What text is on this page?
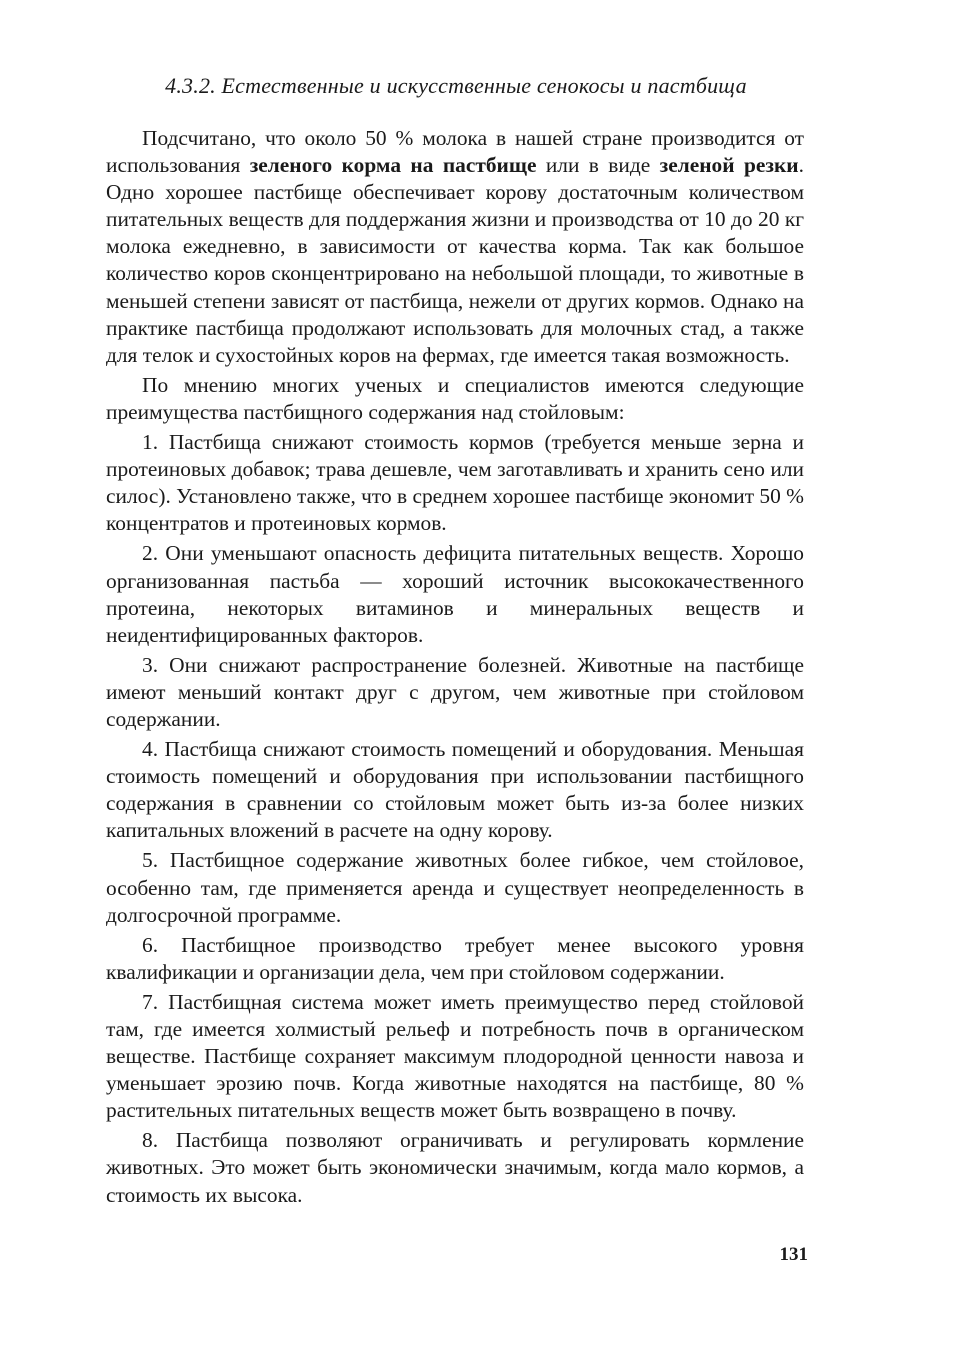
4.3.2. Естественные и искусственные сенокосы и пастбища

Подсчитано, что около 50 % молока в нашей стране производится от использования зеленого корма на пастбище или в виде зеленой резки. Одно хорошее пастбище обеспечивает корову достаточным количеством питательных веществ для поддержания жизни и производства от 10 до 20 кг молока ежедневно, в зависимости от качества корма. Так как большое количество коров сконцентрировано на небольшой площади, то животные в меньшей степени зависят от пастбища, нежели от других кормов. Однако на практике пастбища продолжают использовать для молочных стад, а также для телок и сухостойных коров на фермах, где имеется такая возможность.

По мнению многих ученых и специалистов имеются следующие преимущества пастбищного содержания над стойловым:

1. Пастбища снижают стоимость кормов (требуется меньше зерна и протеиновых добавок; трава дешевле, чем заготавливать и хранить сено или силос). Установлено также, что в среднем хорошее пастбище экономит 50 % концентратов и протеиновых кормов.

2. Они уменьшают опасность дефицита питательных веществ. Хорошо организованная пастьба — хороший источник высококачественного протеина, некоторых витаминов и минеральных веществ и неидентифицированных факторов.

3. Они снижают распространение болезней. Животные на пастбище имеют меньший контакт друг с другом, чем животные при стойловом содержании.

4. Пастбища снижают стоимость помещений и оборудования. Меньшая стоимость помещений и оборудования при использовании пастбищного содержания в сравнении со стойловым может быть из-за более низких капитальных вложений в расчете на одну корову.

5. Пастбищное содержание животных более гибкое, чем стойловое, особенно там, где применяется аренда и существует неопределенность в долгосрочной программе.

6. Пастбищное производство требует менее высокого уровня квалификации и организации дела, чем при стойловом содержании.

7. Пастбищная система может иметь преимущество перед стойловой там, где имеется холмистый рельеф и потребность почв в органическом веществе. Пастбище сохраняет максимум плодородной ценности навоза и уменьшает эрозию почв. Когда животные находятся на пастбище, 80 % растительных питательных веществ может быть возвращено в почву.

8. Пастбища позволяют ограничивать и регулировать кормление животных. Это может быть экономически значимым, когда мало кормов, а стоимость их высока.

131
